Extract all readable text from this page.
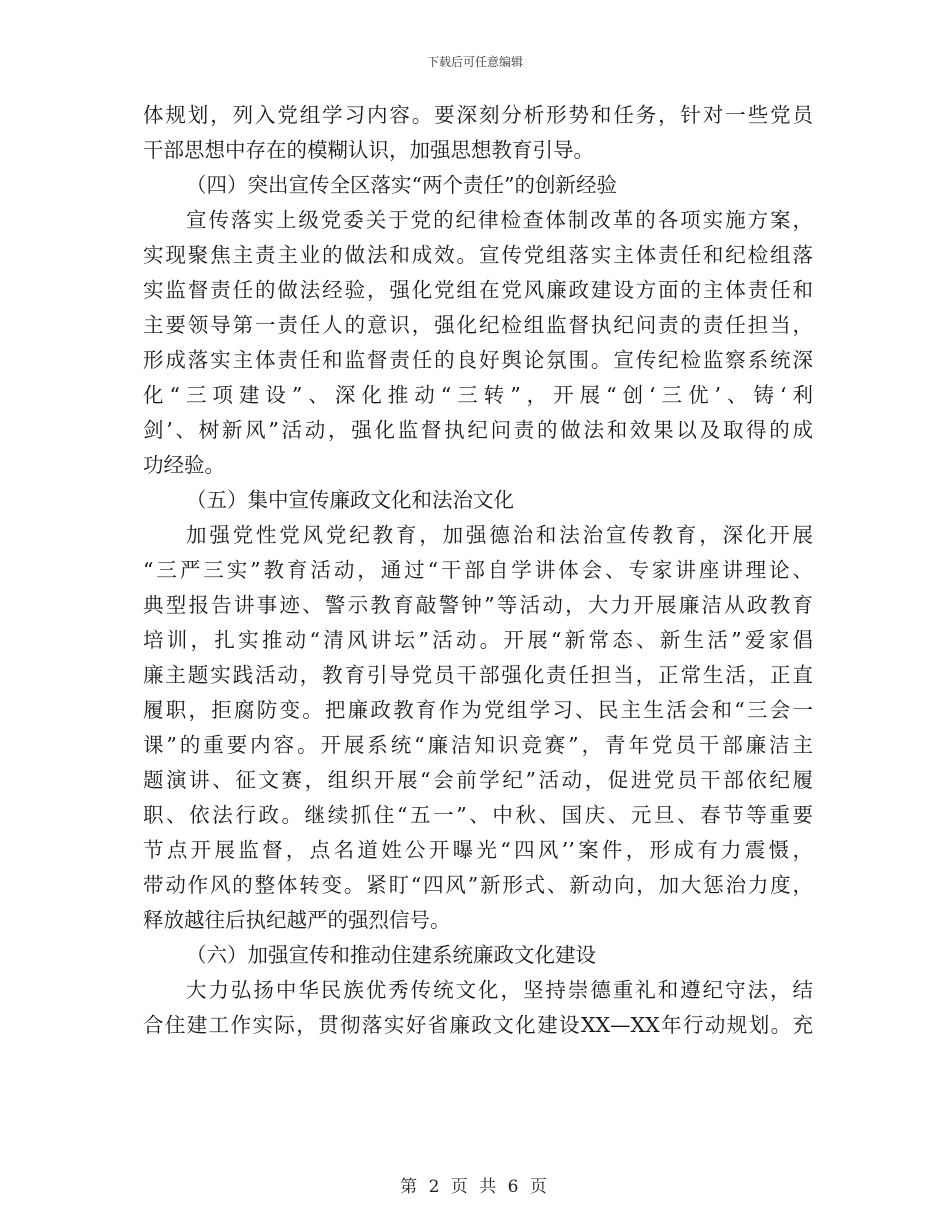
下载后可任意编辑
体规划，列入党组学习内容。要深刻分析形势和任务，针对一些党员
干部思想中存在的模糊认识，加强思想教育引导。
（四）突出宣传全区落实“两个责任”的创新经验
宣传落实上级党委关于党的纪律检查体制改革的各项实施方案，
实现聚焦主责主业的做法和成效。宣传党组落实主体责任和纪检组落
实监督责任的做法经验，强化党组在党风廉政建设方面的主体责任和
主要领导第一责任人的意识，强化纪检组监督执纪问责的责任担当，
形成落实主体责任和监督责任的良好舆论氛围。宣传纪检监察系统深
化“三项建设”、深化推动“三转”，开展“创‘三优’、铸‘利
剑’、树新风”活动，强化监督执纪问责的做法和效果以及取得的成
功经验。
（五）集中宣传廉政文化和法治文化
加强党性党风党纪教育，加强德治和法治宣传教育，深化开展
“三严三实”教育活动，通过“干部自学讲体会、专家讲座讲理论、
典型报告讲事迹、警示教育敲警钟”等活动，大力开展廉洁从政教育
培训，扎实推动“清风讲坛”活动。开展“新常态、新生活”爱家倡
廉主题实践活动，教育引导党员干部强化责任担当，正常生活，正直
履职，拒腐防变。把廉政教育作为党组学习、民主生活会和“三会一
课”的重要内容。开展系统“廉洁知识竞赛”，青年党员干部廉洁主
题演讲、征文赛，组织开展“会前学纪”活动，促进党员干部依纪履
职、依法行政。继续抓住“五一”、中秋、国庆、元旦、春节等重要
节点开展监督，点名道姓公开曝光“四风’’案件，形成有力震慑，
带动作风的整体转变。紧盯“四风”新形式、新动向，加大惩治力度，
释放越往后执纪越严的强烈信号。
（六）加强宣传和推动住建系统廉政文化建设
大力弘扬中华民族优秀传统文化，坚持崇德重礼和遵纪守法，结
合住建工作实际，贯彻落实好省廉政文化建设XX—XX年行动规划。充
第 2 页 共 6 页
